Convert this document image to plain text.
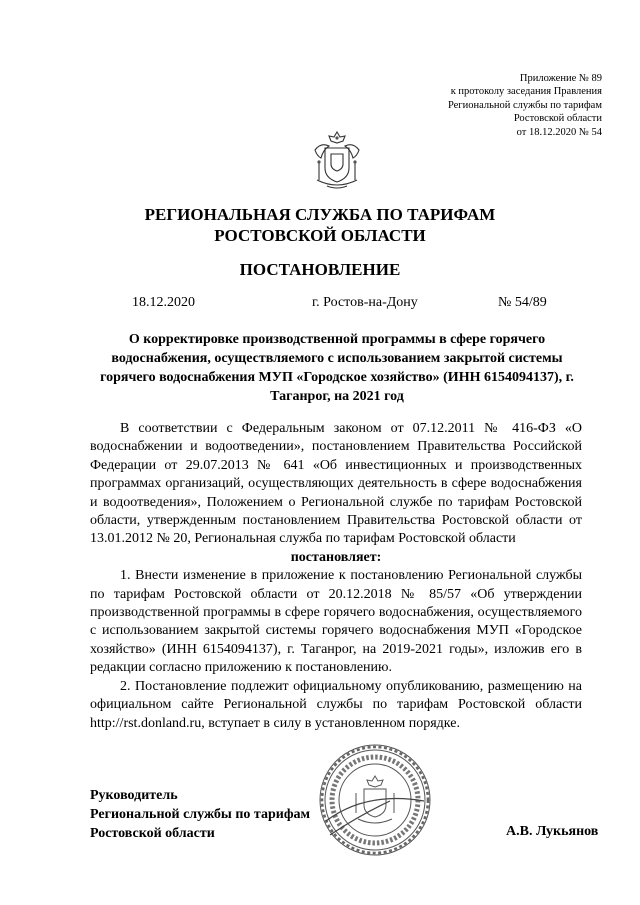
Приложение № 89
к протоколу заседания Правления
Региональной службы по тарифам
Ростовской области
от 18.12.2020 № 54
РЕГИОНАЛЬНАЯ СЛУЖБА ПО ТАРИФАМ
РОСТОВСКОЙ ОБЛАСТИ
ПОСТАНОВЛЕНИЕ
18.12.2020	г. Ростов-на-Дону	№ 54/89
О корректировке производственной программы в сфере горячего водоснабжения, осуществляемого с использованием закрытой системы горячего водоснабжения МУП «Городское хозяйство» (ИНН 6154094137), г. Таганрог, на 2021 год

В соответствии с Федеральным законом от 07.12.2011 № 416-ФЗ «О водоснабжении и водоотведении», постановлением Правительства Российской Федерации от 29.07.2013 № 641 «Об инвестиционных и производственных программах организаций, осуществляющих деятельность в сфере водоснабжения и водоотведения», Положением о Региональной службе по тарифам Ростовской области, утвержденным постановлением Правительства Ростовской области от 13.01.2012 № 20, Региональная служба по тарифам Ростовской области

постановляет:

1. Внести изменение в приложение к постановлению Региональной службы по тарифам Ростовской области от 20.12.2018 № 85/57 «Об утверждении производственной программы в сфере горячего водоснабжения, осуществляемого с использованием закрытой системы горячего водоснабжения МУП «Городское хозяйство» (ИНН 6154094137), г. Таганрог, на 2019-2021 годы», изложив его в редакции согласно приложению к постановлению.

2. Постановление подлежит официальному опубликованию, размещению на официальном сайте Региональной службы по тарифам Ростовской области http://rst.donland.ru, вступает в силу в установленном порядке.

Руководитель
Региональной службы по тарифам
Ростовской области	А.В. Лукьянов
